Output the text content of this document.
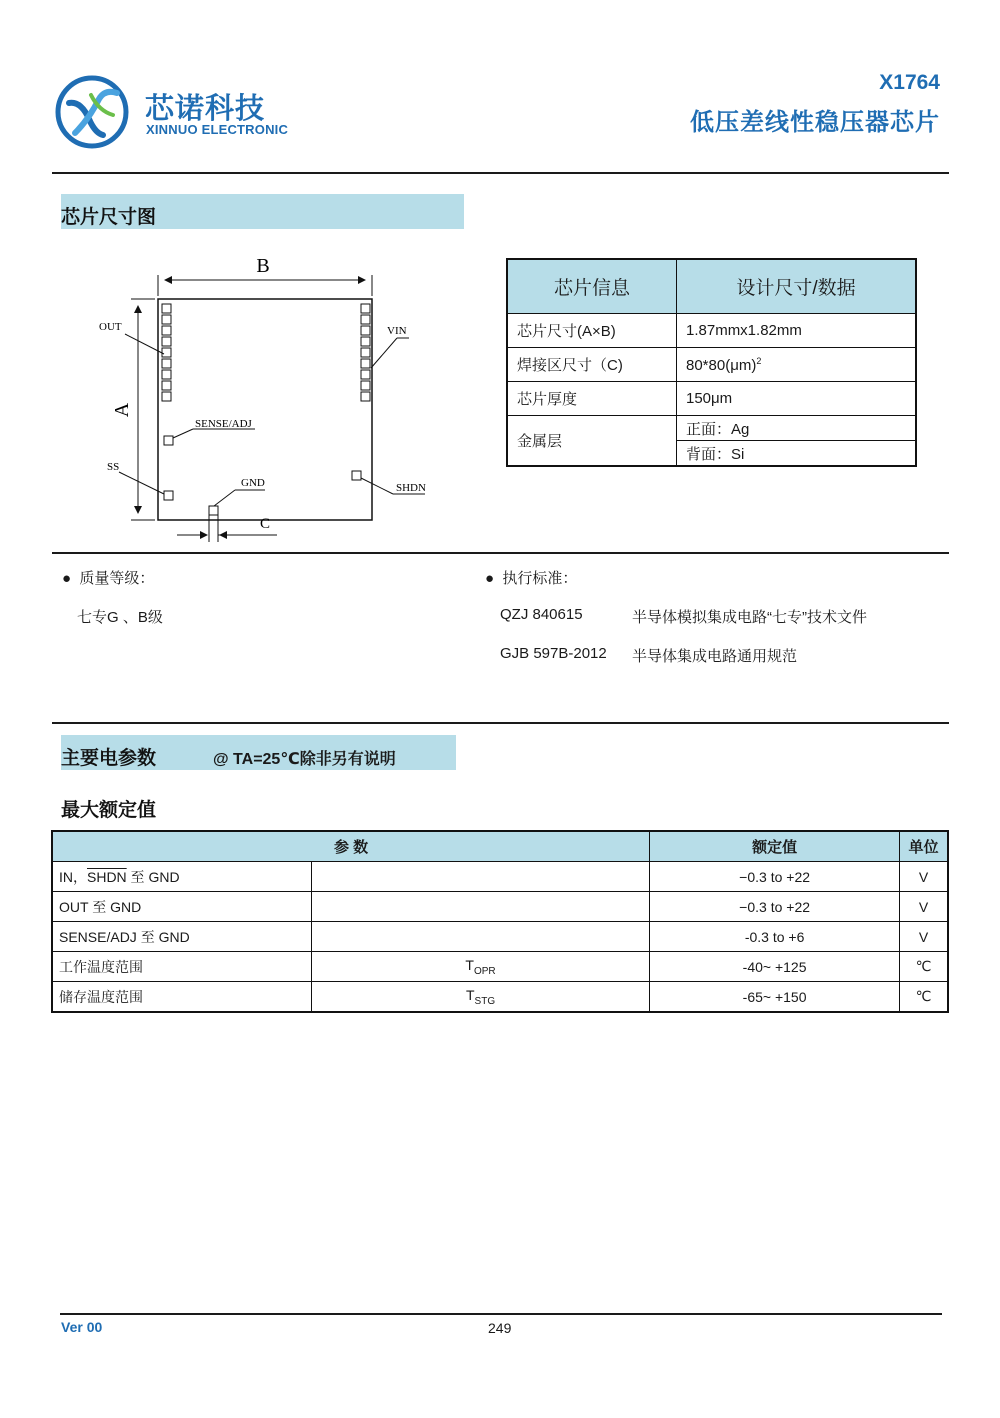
芯诺科技
XINNUO ELECTRONIC
X1764
低压差线性稳压器芯片
芯片尺寸图
B
A
C
OUT	VIN
SENSE/ADJ
SS
GND	SHDN
芯片信息	设计尺寸/数据
芯片尺寸(A×B)	1.87mmx1.82mm
焊接区尺寸（C)	$80*80(\mu m)^2$
芯片厚度	150μm
金属层	正面：Ag
	背面：Si
●  质量等级：
七专G 、B级
●  执行标准：
QZJ 840615	半导体模拟集成电路“七专”技术文件
GJB 597B-2012 半导体集成电路通用规范
主要电参数	@ TA=25℃除非另有说明
最大额定值
参 数		额定值	单位
IN，SHDN 至 GND		−0.3 to +22	V
OUT 至 GND		−0.3 to +22	V
SENSE/ADJ 至 GND		-0.3 to +6	V
工作温度范围	$T_{OPR}$	-40~ +125	℃
储存温度范围	$T_{STG}$	-65~ +150	℃
Ver 00	249
